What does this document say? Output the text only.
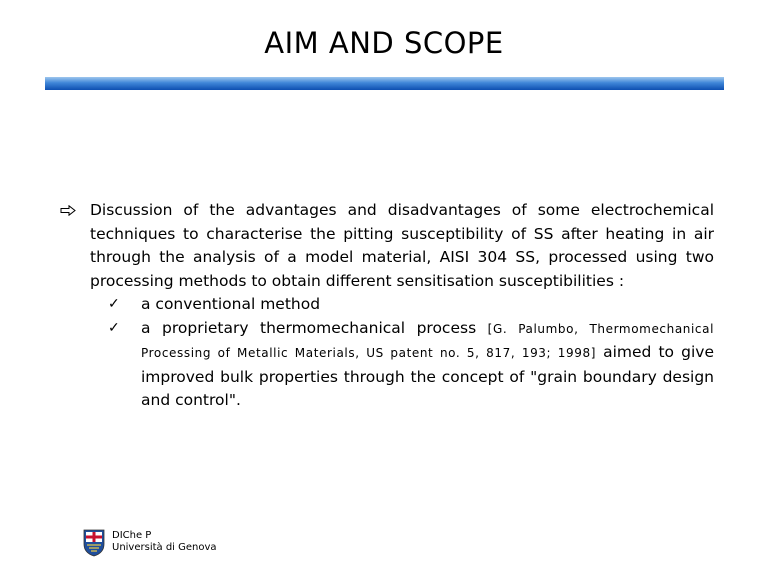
AIM AND SCOPE
Discussion of the advantages and disadvantages of some electrochemical techniques to characterise the pitting susceptibility of SS after heating in air through the analysis of a model material, AISI 304 SS, processed using two processing methods to obtain different sensitisation susceptibilities :
✓ a conventional method
✓ a proprietary thermomechanical process [G. Palumbo, Thermomechanical Processing of Metallic Materials, US patent no. 5, 817, 193; 1998] aimed to give improved bulk properties through the concept of "grain boundary design and control".
DIChe P
Università di Genova
